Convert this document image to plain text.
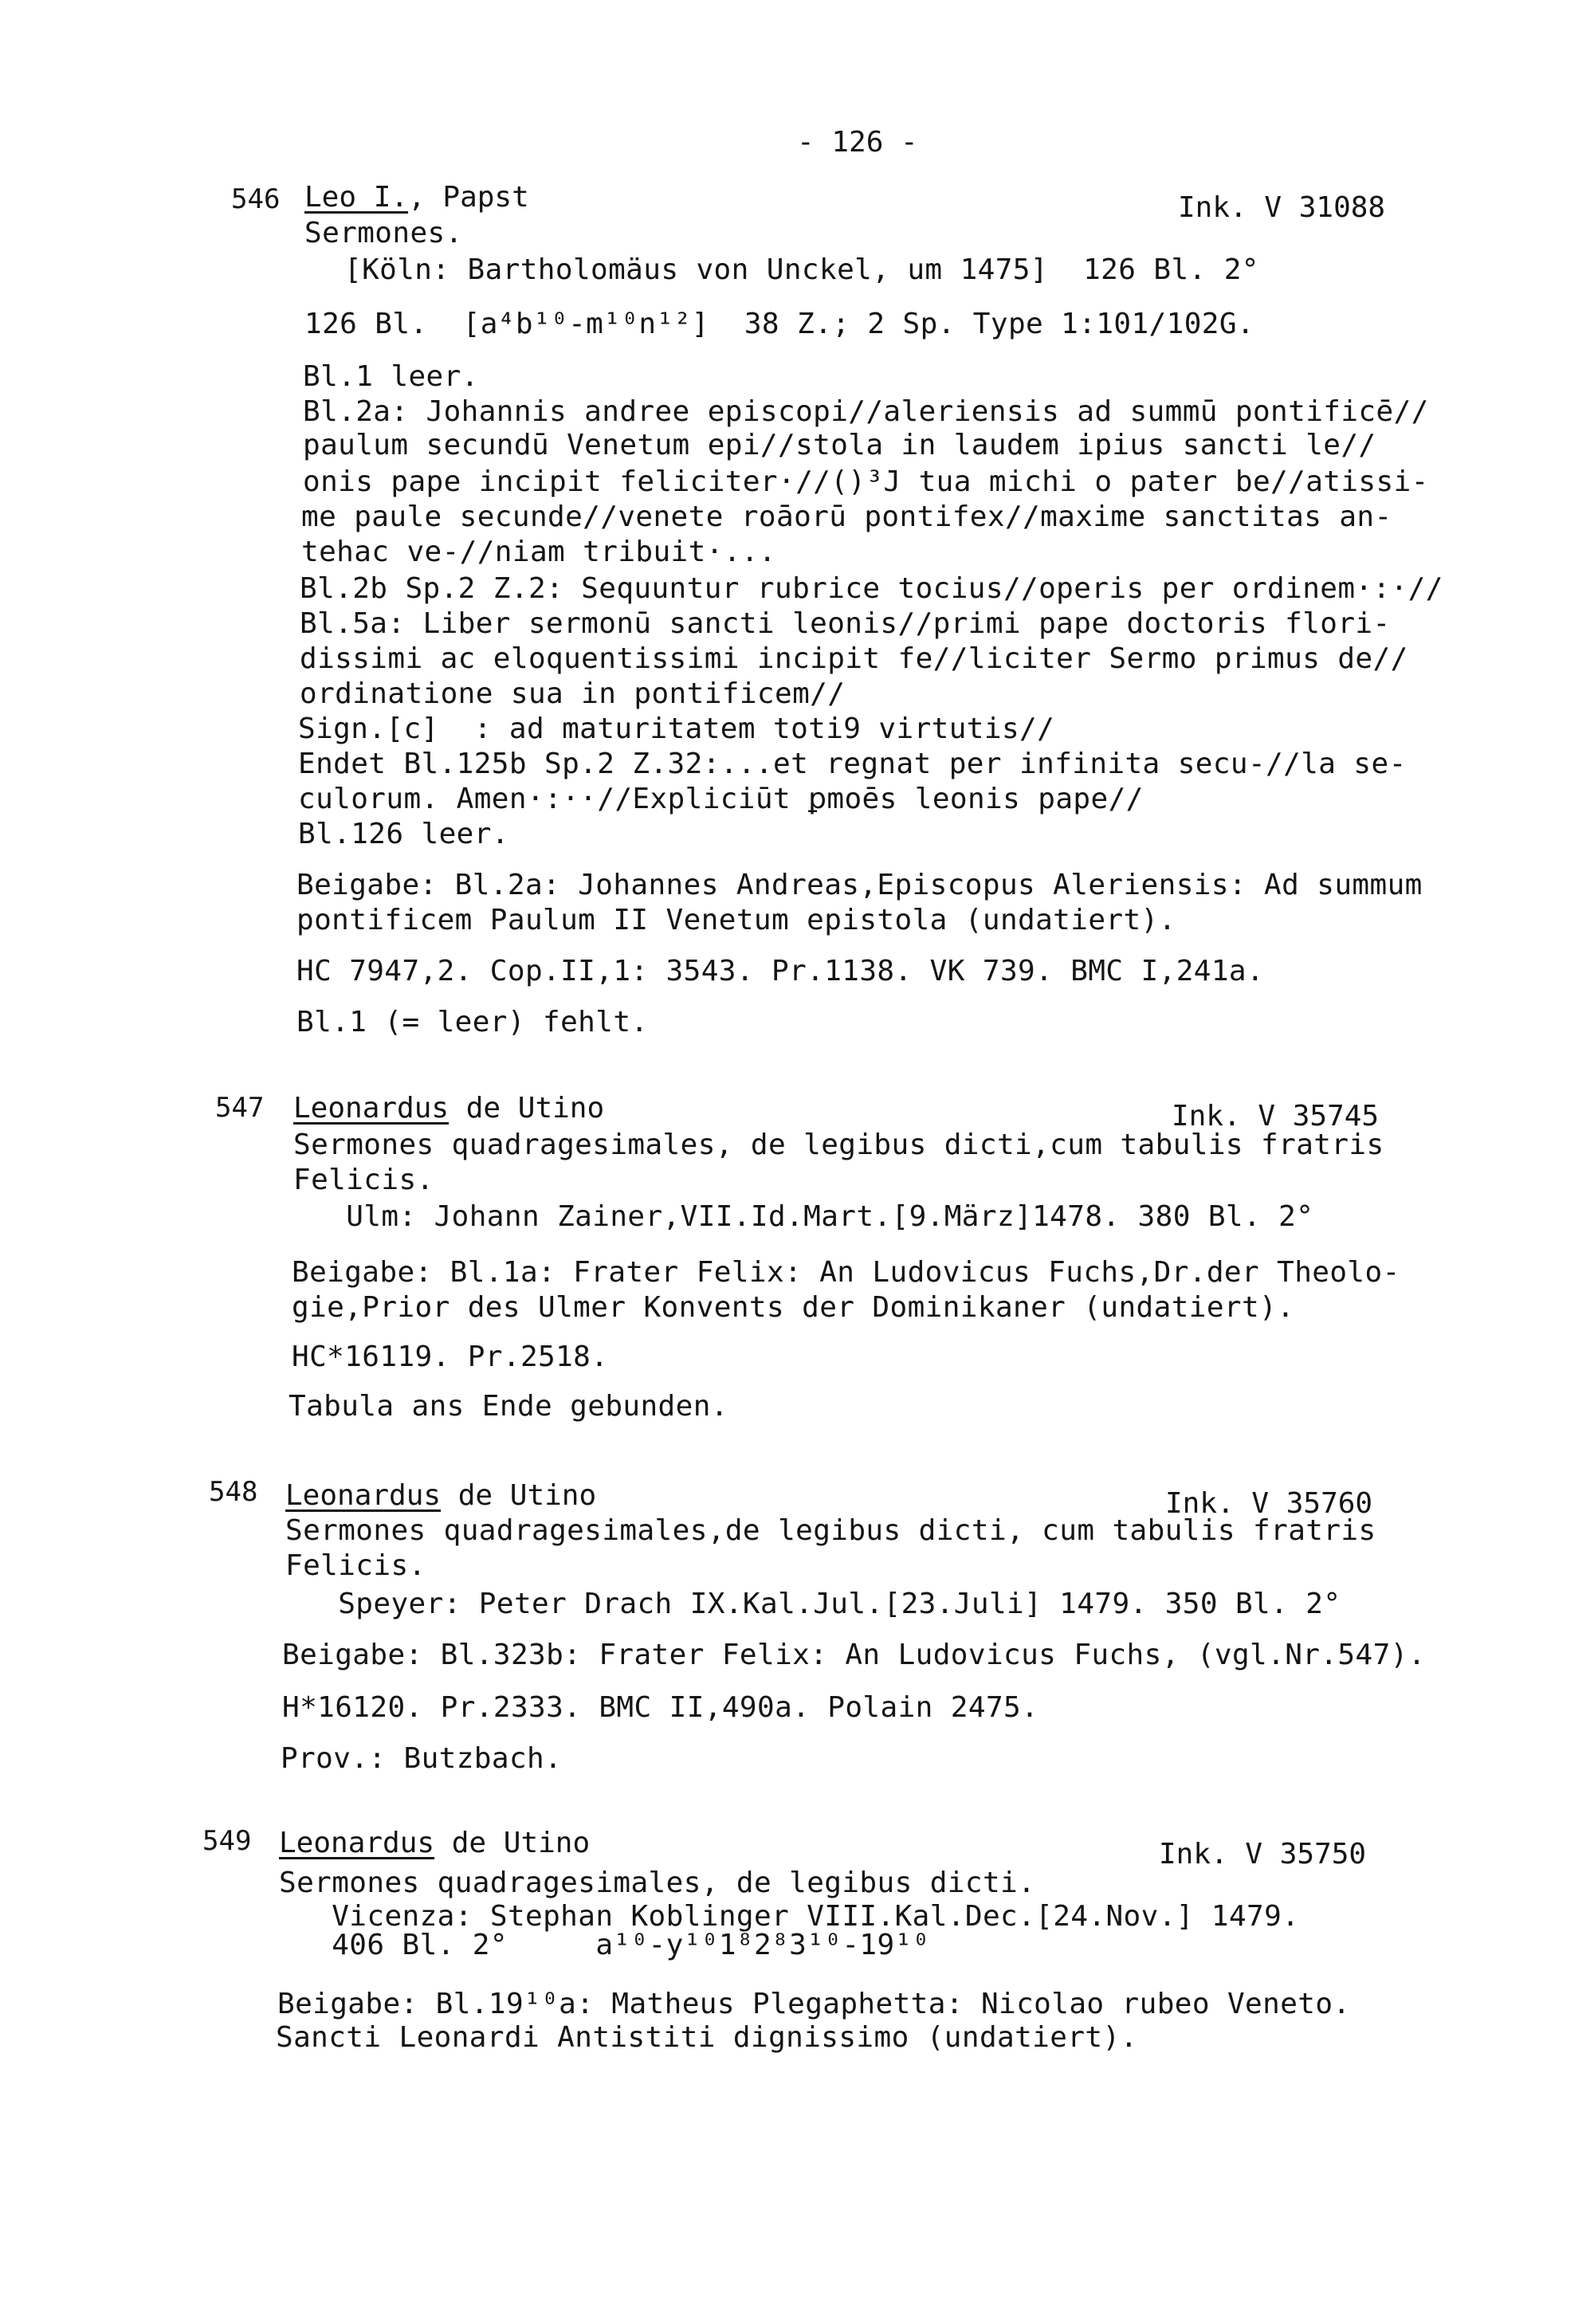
- 126 -
546 Leo I., Papst	Ink. V 31088
Sermones.
[Köln: Bartholomäus von Unckel, um 1475]  126 Bl. 2°
126 Bl.  [a⁴b¹⁰-m¹⁰n¹²]  38 Z.; 2 Sp. Type 1:101/102G.
Bl.1 leer.
Bl.2a: Johannis andree episcopi//aleriensis ad summū pontificē//
paulum secundū Venetum epi//stola in laudem ipius sancti le//
onis pape incipit feliciter·//()³J tua michi o pater be//atissi-
me paule secunde//venete roāorū pontifex//maxime sanctitas an-
tehac ve-//niam tribuit·...
Bl.2b Sp.2 Z.2: Sequuntur rubrice tocius//operis per ordinem·:·//
Bl.5a: Liber sermonū sancti leonis//primi pape doctoris flori-
dissimi ac eloquentissimi incipit fe//liciter Sermo primus de//
ordinatione sua in pontificem//
Sign.[c]  : ad maturitatem toti9 virtutis//
Endet Bl.125b Sp.2 Z.32:...et regnat per infinita secu-//la se-
culorum. Amen·:··//Expliciūt ꝑmoēs leonis pape//
Bl.126 leer.
Beigabe: Bl.2a: Johannes Andreas,Episcopus Aleriensis: Ad summum
pontificem Paulum II Venetum epistola (undatiert).
HC 7947,2. Cop.II,1: 3543. Pr.1138. VK 739. BMC I,241a.
Bl.1 (= leer) fehlt.
547 Leonardus de Utino	Ink. V 35745
Sermones quadragesimales, de legibus dicti,cum tabulis fratris
Felicis.
Ulm: Johann Zainer,VII.Id.Mart.[9.März]1478. 380 Bl. 2°
Beigabe: Bl.1a: Frater Felix: An Ludovicus Fuchs,Dr.der Theolo-
gie,Prior des Ulmer Konvents der Dominikaner (undatiert).
HC*16119. Pr.2518.
Tabula ans Ende gebunden.
548 Leonardus de Utino	Ink. V 35760
Sermones quadragesimales,de legibus dicti, cum tabulis fratris
Felicis.
Speyer: Peter Drach IX.Kal.Jul.[23.Juli] 1479. 350 Bl. 2°
Beigabe: Bl.323b: Frater Felix: An Ludovicus Fuchs, (vgl.Nr.547).
H*16120. Pr.2333. BMC II,490a. Polain 2475.
Prov.: Butzbach.
549 Leonardus de Utino	Ink. V 35750
Sermones quadragesimales, de legibus dicti.
Vicenza: Stephan Koblinger VIII.Kal.Dec.[24.Nov.] 1479.
406 Bl. 2°     a¹⁰-y¹⁰1⁸2⁸3¹⁰-19¹⁰
Beigabe: Bl.19¹⁰a: Matheus Plegaphetta: Nicolao rubeo Veneto.
Sancti Leonardi Antistiti dignissimo (undatiert).
